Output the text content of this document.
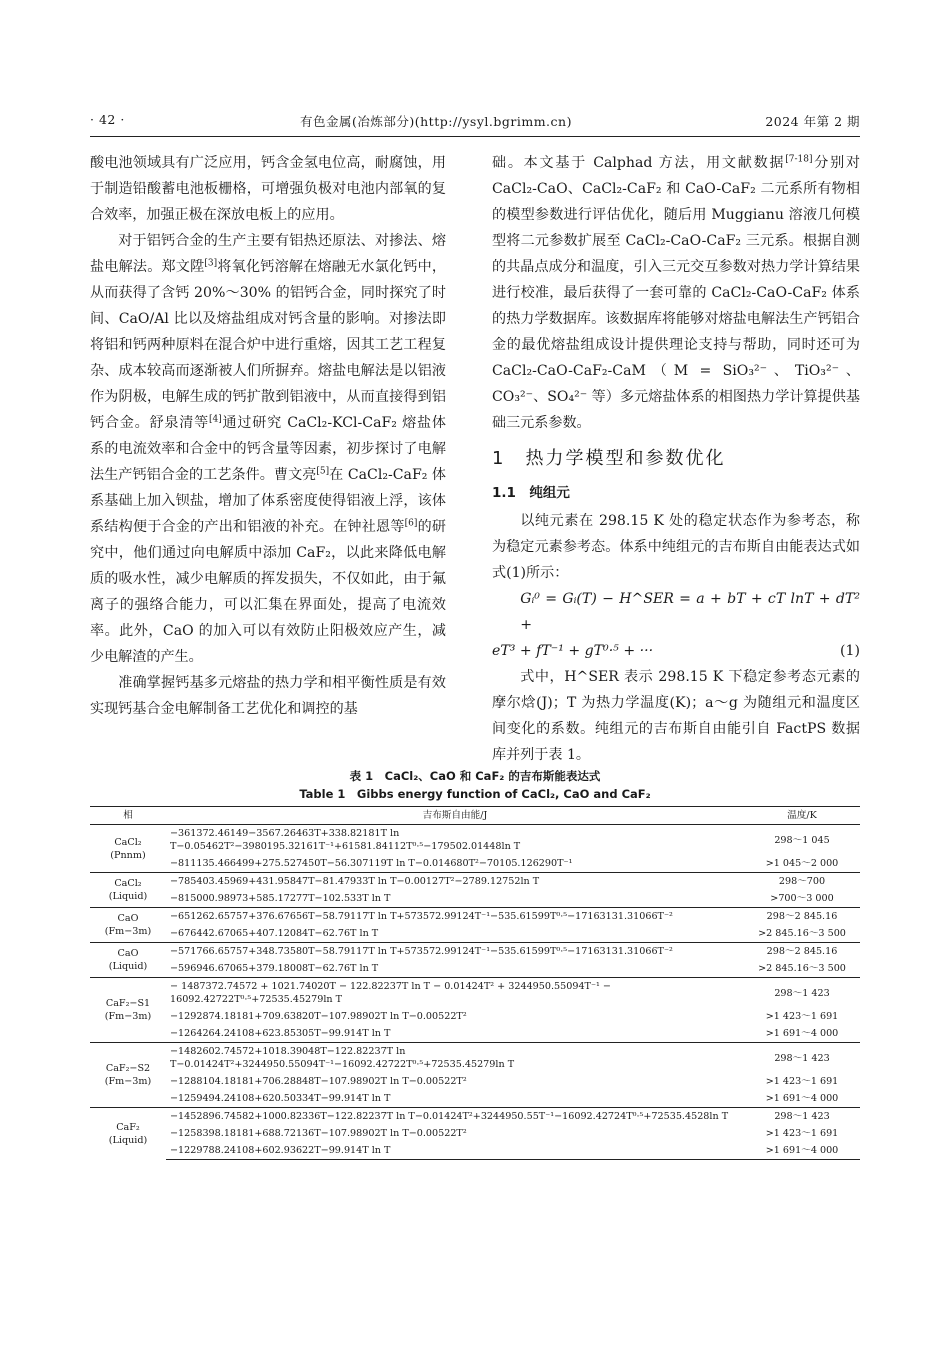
· 42 ·	有色金属(冶炼部分)(http://ysyl.bgrimm.cn)	2024 年第 2 期

酸电池领域具有广泛应用，钙含金氢电位高，耐腐蚀，用于制造铅酸蓄电池板栅格，可增强负极对电池内部氧的复合效率，加强正极在深放电板上的应用。

对于铝钙合金的生产主要有铝热还原法、对掺法、熔盐电解法。郑文陞[3]将氧化钙溶解在熔融无水氯化钙中，从而获得了含钙 20%～30% 的铝钙合金，同时探究了时间、CaO/Al 比以及熔盐组成对钙含量的影响。对掺法即将铝和钙两种原料在混合炉中进行重熔，因其工艺工程复杂、成本较高而逐渐被人们所摒弃。熔盐电解法是以铝液作为阴极，电解生成的钙扩散到铝液中，从而直接得到铝钙合金。舒泉清等[4]通过研究 CaCl₂-KCl-CaF₂ 熔盐体系的电流效率和合金中的钙含量等因素，初步探讨了电解法生产钙铝合金的工艺条件。曹文亮[5]在 CaCl₂-CaF₂ 体系基础上加入钡盐，增加了体系密度使得铝液上浮，该体系结构便于合金的产出和铝液的补充。在钟社恩等[6]的研究中，他们通过向电解质中添加 CaF₂，以此来降低电解质的吸水性，减少电解质的挥发损失，不仅如此，由于氟离子的强络合能力，可以汇集在界面处，提高了电流效率。此外，CaO 的加入可以有效防止阳极效应产生，减少电解渣的产生。

准确掌握钙基多元熔盐的热力学和相平衡性质是有效实现钙基合金电解制备工艺优化和调控的基

础。本文基于 Calphad 方法，用文献数据[7-18]分别对 CaCl₂-CaO、CaCl₂-CaF₂ 和 CaO-CaF₂ 二元系所有物相的模型参数进行评估优化，随后用 Muggianu 溶液几何模型将二元参数扩展至 CaCl₂-CaO-CaF₂ 三元系。根据自测的共晶点成分和温度，引入三元交互参数对热力学计算结果进行校准，最后获得了一套可靠的 CaCl₂-CaO-CaF₂ 体系的热力学数据库。该数据库将能够对熔盐电解法生产钙铝合金的最优熔盐组成设计提供理论支持与帮助，同时还可为 CaCl₂-CaO-CaF₂-CaM（M = SiO₃²⁻、TiO₃²⁻、CO₃²⁻、SO₄²⁻ 等）多元熔盐体系的相图热力学计算提供基础三元系参数。

1　热力学模型和参数优化
1.1　纯组元

以纯元素在 298.15 K 处的稳定状态作为参考态，称为稳定元素参考态。体系中纯组元的吉布斯自由能表达式如式(1)所示：

Gᵢ⁰ = Gᵢ(T) − H^SER = a + bT + cT lnT + dT² +
eT³ + fT⁻¹ + gT⁰·⁵ + ···	(1)

式中，H^SER 表示 298.15 K 下稳定参考态元素的摩尔焓(J)；T 为热力学温度(K)；a～g 为随组元和温度区间变化的系数。纯组元的吉布斯自由能引自 FactPS 数据库并列于表 1。

表 1　CaCl₂、CaO 和 CaF₂ 的吉布斯能表达式
Table 1　Gibbs energy function of CaCl₂, CaO and CaF₂
相	吉布斯自由能/J	温度/K

CaCl₂
(Pnnm)	−361372.46149−3567.26463T+338.82181T ln T−0.05462T²−3980195.32161T⁻¹+61581.84112T⁰·⁵−179502.01448ln T	298～1 045
	−811135.466499+275.527450T−56.307119T ln T−0.014680T²−70105.126290T⁻¹	>1 045～2 000

CaCl₂
(Liquid)	−785403.45969+431.95847T−81.47933T ln T−0.00127T²−2789.12752ln T	298～700
	−815000.98973+585.17277T−102.533T ln T	>700～3 000

CaO
(Fm−3m)	−651262.65757+376.67656T−58.79117T ln T+573572.99124T⁻¹−535.61599T⁰·⁵−17163131.31066T⁻²	298～2 845.16
	−676442.67065+407.12084T−62.76T ln T	>2 845.16～3 500

CaO
(Liquid)	−571766.65757+348.73580T−58.79117T ln T+573572.99124T⁻¹−535.61599T⁰·⁵−17163131.31066T⁻²	298～2 845.16
	−596946.67065+379.18008T−62.76T ln T	>2 845.16～3 500

CaF₂−S1
(Fm−3m)	− 1487372.74572 + 1021.74020T − 122.82237T ln T − 0.01424T² + 3244950.55094T⁻¹ − 16092.42722T⁰·⁵+72535.45279ln T	298～1 423
	−1292874.18181+709.63820T−107.98902T ln T−0.00522T²	>1 423～1 691
	−1264264.24108+623.85305T−99.914T ln T	>1 691～4 000

CaF₂−S2
(Fm−3m)	−1482602.74572+1018.39048T−122.82237T ln T−0.01424T²+3244950.55094T⁻¹−16092.42722T⁰·⁵+72535.45279ln T	298～1 423
	−1288104.18181+706.28848T−107.98902T ln T−0.00522T²	>1 423～1 691
	−1259494.24108+620.50334T−99.914T ln T	>1 691～4 000

CaF₂
(Liquid)	−1452896.74582+1000.82336T−122.82237T ln T−0.01424T²+3244950.55T⁻¹−16092.42724T⁰·⁵+72535.4528ln T	298～1 423
	−1258398.18181+688.72136T−107.98902T ln T−0.00522T²	>1 423～1 691
	−1229788.24108+602.93622T−99.914T ln T	>1 691～4 000
